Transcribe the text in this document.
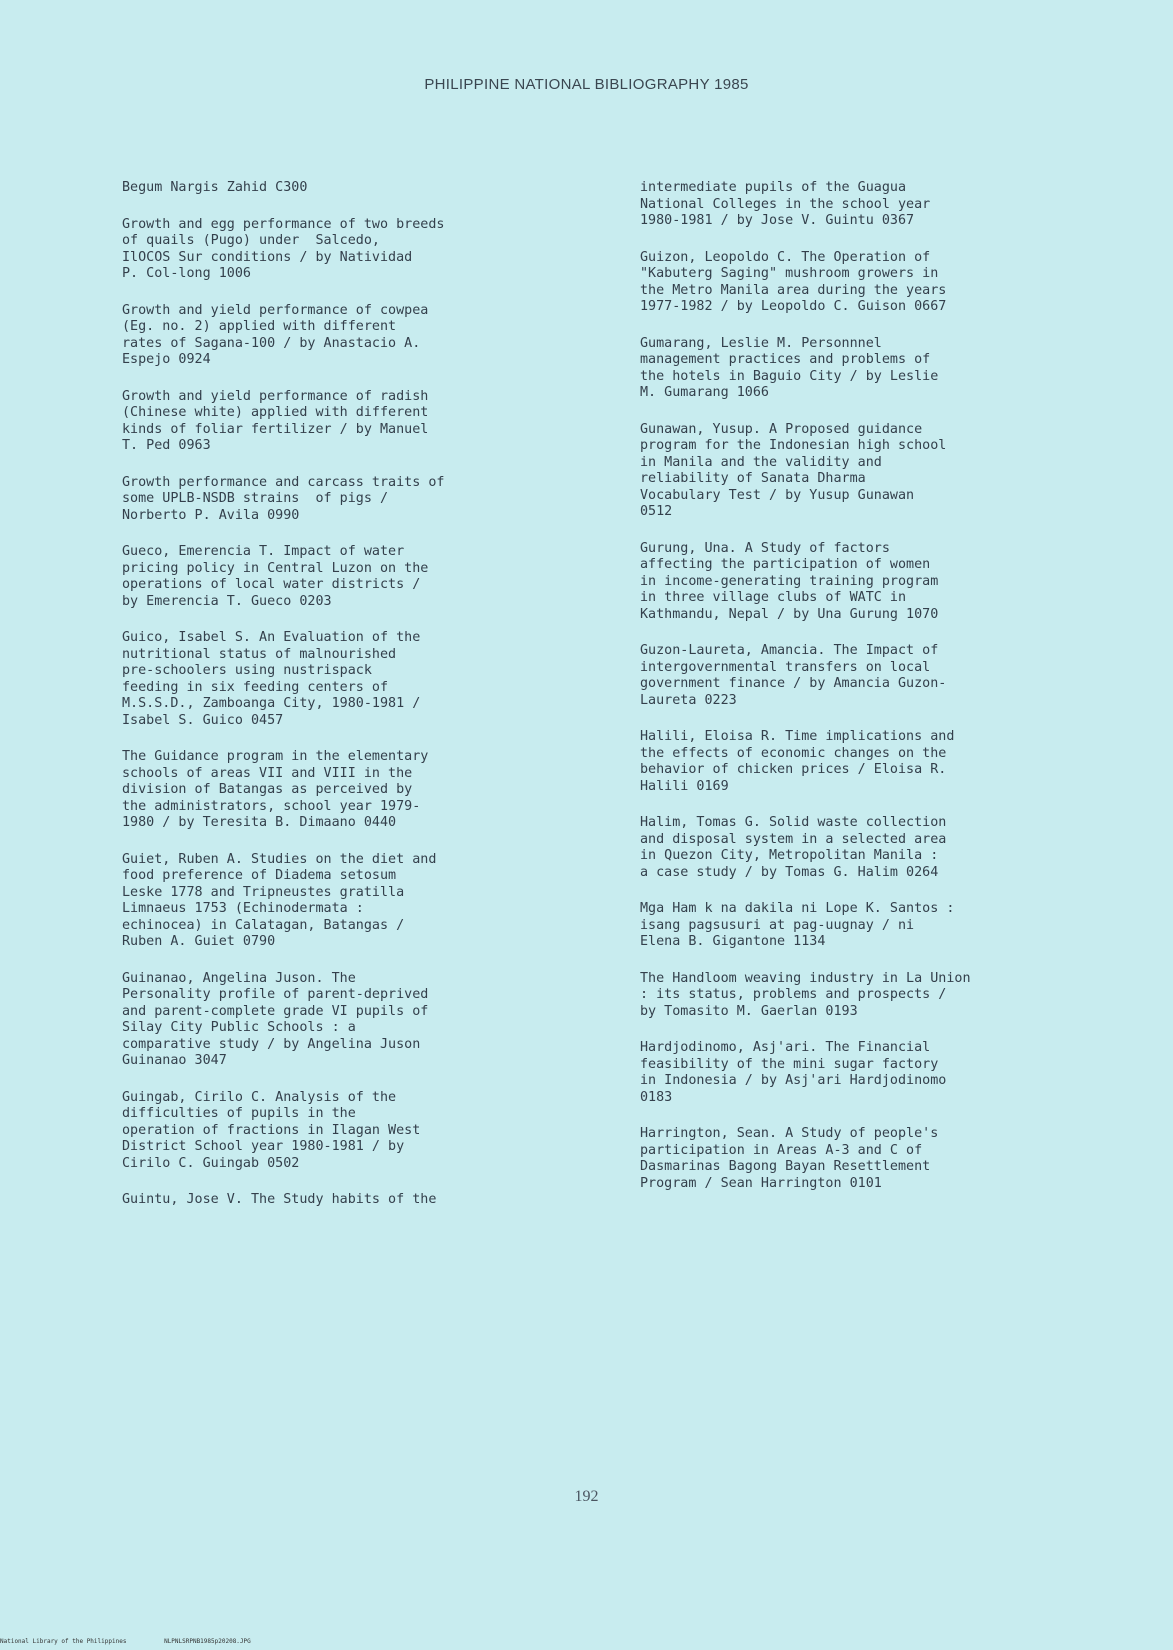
PHILIPPINE NATIONAL BIBLIOGRAPHY 1985
Begum Nargis Zahid C300
Growth and egg performance of two breeds
of quails (Pugo) under  Salcedo,
IlOCOS Sur conditions / by Natividad
P. Col-long 1006
Growth and yield performance of cowpea
(Eg. no. 2) applied with different
rates of Sagana-100 / by Anastacio A.
Espejo 0924
Growth and yield performance of radish
(Chinese white) applied with different
kinds of foliar fertilizer / by Manuel
T. Ped 0963
Growth performance and carcass traits of
some UPLB-NSDB strains  of pigs /
Norberto P. Avila 0990
Gueco, Emerencia T. Impact of water
pricing policy in Central Luzon on the
operations of local water districts /
by Emerencia T. Gueco 0203
Guico, Isabel S. An Evaluation of the
nutritional status of malnourished
pre-schoolers using nustrispack
feeding in six feeding centers of
M.S.S.D., Zamboanga City, 1980-1981 /
Isabel S. Guico 0457
The Guidance program in the elementary
schools of areas VII and VIII in the
division of Batangas as perceived by
the administrators, school year 1979-
1980 / by Teresita B. Dimaano 0440
Guiet, Ruben A. Studies on the diet and
food preference of Diadema setosum
Leske 1778 and Tripneustes gratilla
Limnaeus 1753 (Echinodermata :
echinocea) in Calatagan, Batangas /
Ruben A. Guiet 0790
Guinanao, Angelina Juson. The
Personality profile of parent-deprived
and parent-complete grade VI pupils of
Silay City Public Schools : a
comparative study / by Angelina Juson
Guinanao 3047
Guingab, Cirilo C. Analysis of the
difficulties of pupils in the
operation of fractions in Ilagan West
District School year 1980-1981 / by
Cirilo C. Guingab 0502
Guintu, Jose V. The Study habits of the
intermediate pupils of the Guagua
National Colleges in the school year
1980-1981 / by Jose V. Guintu 0367
Guizon, Leopoldo C. The Operation of
"Kabuterg Saging" mushroom growers in
the Metro Manila area during the years
1977-1982 / by Leopoldo C. Guison 0667
Gumarang, Leslie M. Personnnel
management practices and problems of
the hotels in Baguio City / by Leslie
M. Gumarang 1066
Gunawan, Yusup. A Proposed guidance
program for the Indonesian high school
in Manila and the validity and
reliability of Sanata Dharma
Vocabulary Test / by Yusup Gunawan
0512
Gurung, Una. A Study of factors
affecting the participation of women
in income-generating training program
in three village clubs of WATC in
Kathmandu, Nepal / by Una Gurung 1070
Guzon-Laureta, Amancia. The Impact of
intergovernmental transfers on local
government finance / by Amancia Guzon-
Laureta 0223
Halili, Eloisa R. Time implications and
the effects of economic changes on the
behavior of chicken prices / Eloisa R.
Halili 0169
Halim, Tomas G. Solid waste collection
and disposal system in a selected area
in Quezon City, Metropolitan Manila :
a case study / by Tomas G. Halim 0264
Mga Ham k na dakila ni Lope K. Santos :
isang pagsusuri at pag-uugnay / ni
Elena B. Gigantone 1134
The Handloom weaving industry in La Union
: its status, problems and prospects /
by Tomasito M. Gaerlan 0193
Hardjodinomo, Asj'ari. The Financial
feasibility of the mini sugar factory
in Indonesia / by Asj'ari Hardjodinomo
0183
Harrington, Sean. A Study of people's
participation in Areas A-3 and C of
Dasmarinas Bagong Bayan Resettlement
Program / Sean Harrington 0101
192
National Library of the Philippines	NLPNLSRPNB1985p20208.JPG
